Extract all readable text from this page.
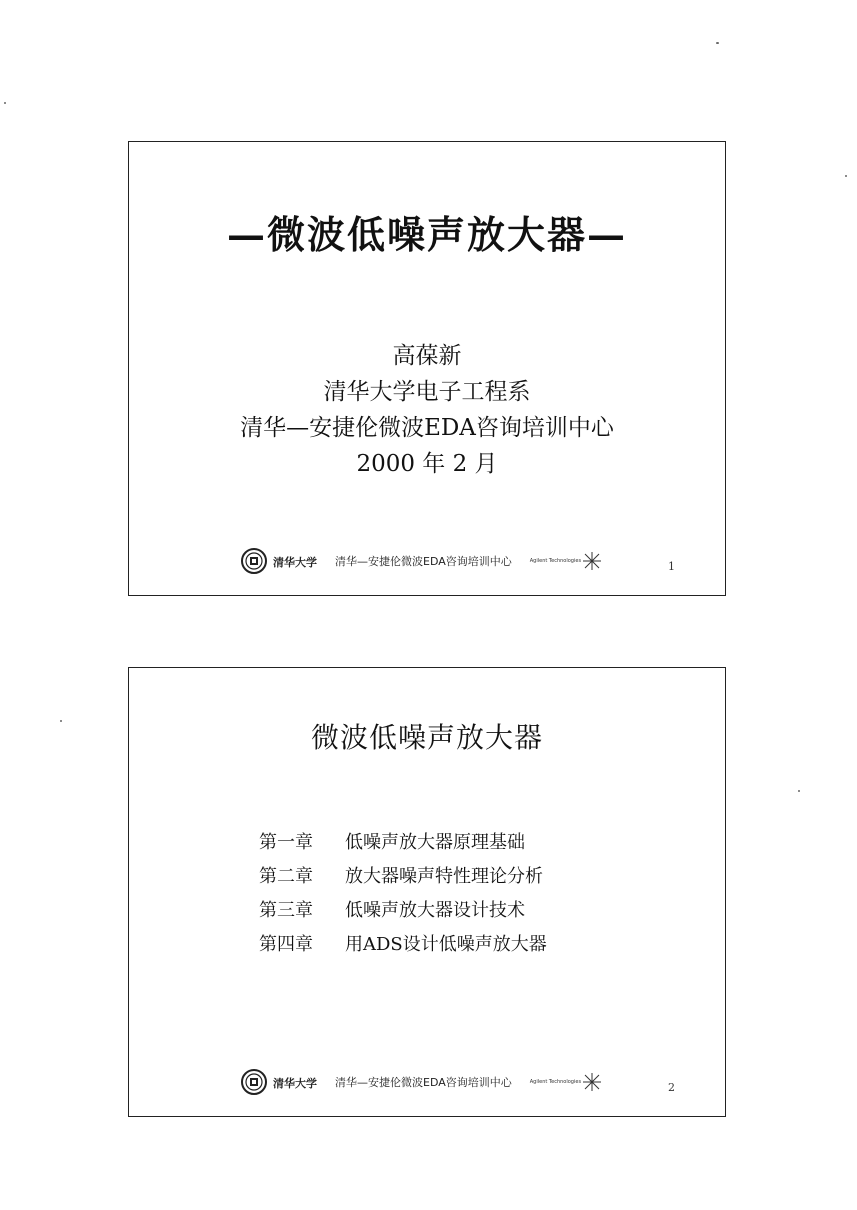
—微波低噪声放大器—
高葆新
清华大学电子工程系
清华—安捷伦微波EDA咨询培训中心
2000 年 2 月
清华大学 清华—安捷伦微波EDA咨询培训中心	Agilent Technologies	1
微波低噪声放大器
第一章	低噪声放大器原理基础
第二章	放大器噪声特性理论分析
第三章	低噪声放大器设计技术
第四章	用ADS设计低噪声放大器
清华大学 清华—安捷伦微波EDA咨询培训中心	Agilent Technologies	2
